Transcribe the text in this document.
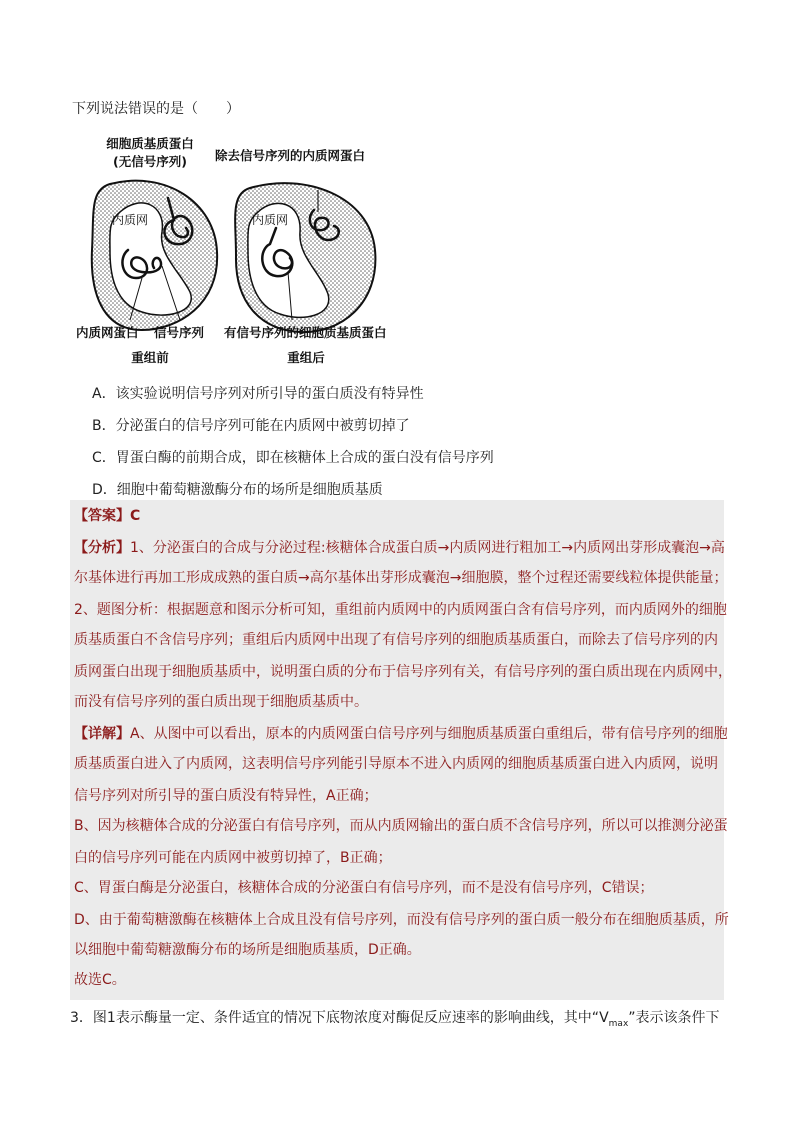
下列说法错误的是（　　）
细胞质基质蛋白
(无信号序列) 除去信号序列的内质网蛋白
内质网	内质网
内质网蛋白 信号序列 有信号序列的细胞质基质蛋白
重组前	重组后
A．该实验说明信号序列对所引导的蛋白质没有特异性
B．分泌蛋白的信号序列可能在内质网中被剪切掉了
C．胃蛋白酶的前期合成，即在核糖体上合成的蛋白没有信号序列
D．细胞中葡萄糖激酶分布的场所是细胞质基质
【答案】C
【分析】1、分泌蛋白的合成与分泌过程:核糖体合成蛋白质→内质网进行粗加工→内质网出芽形成囊泡→高
尔基体进行再加工形成成熟的蛋白质→高尔基体出芽形成囊泡→细胞膜，整个过程还需要线粒体提供能量；
2、题图分析：根据题意和图示分析可知，重组前内质网中的内质网蛋白含有信号序列，而内质网外的细胞
质基质蛋白不含信号序列；重组后内质网中出现了有信号序列的细胞质基质蛋白，而除去了信号序列的内
质网蛋白出现于细胞质基质中，说明蛋白质的分布于信号序列有关，有信号序列的蛋白质出现在内质网中，
而没有信号序列的蛋白质出现于细胞质基质中。
【详解】A、从图中可以看出，原本的内质网蛋白信号序列与细胞质基质蛋白重组后，带有信号序列的细胞
质基质蛋白进入了内质网，这表明信号序列能引导原本不进入内质网的细胞质基质蛋白进入内质网，说明
信号序列对所引导的蛋白质没有特异性，A正确；
B、因为核糖体合成的分泌蛋白有信号序列，而从内质网输出的蛋白质不含信号序列，所以可以推测分泌蛋
白的信号序列可能在内质网中被剪切掉了，B正确；
C、胃蛋白酶是分泌蛋白，核糖体合成的分泌蛋白有信号序列，而不是没有信号序列，C错误；
D、由于葡萄糖激酶在核糖体上合成且没有信号序列，而没有信号序列的蛋白质一般分布在细胞质基质，所
以细胞中葡萄糖激酶分布的场所是细胞质基质，D正确。
故选C。
3．图1表示酶量一定、条件适宜的情况下底物浓度对酶促反应速率的影响曲线，其中“$V_{max}$”表示该条件下
